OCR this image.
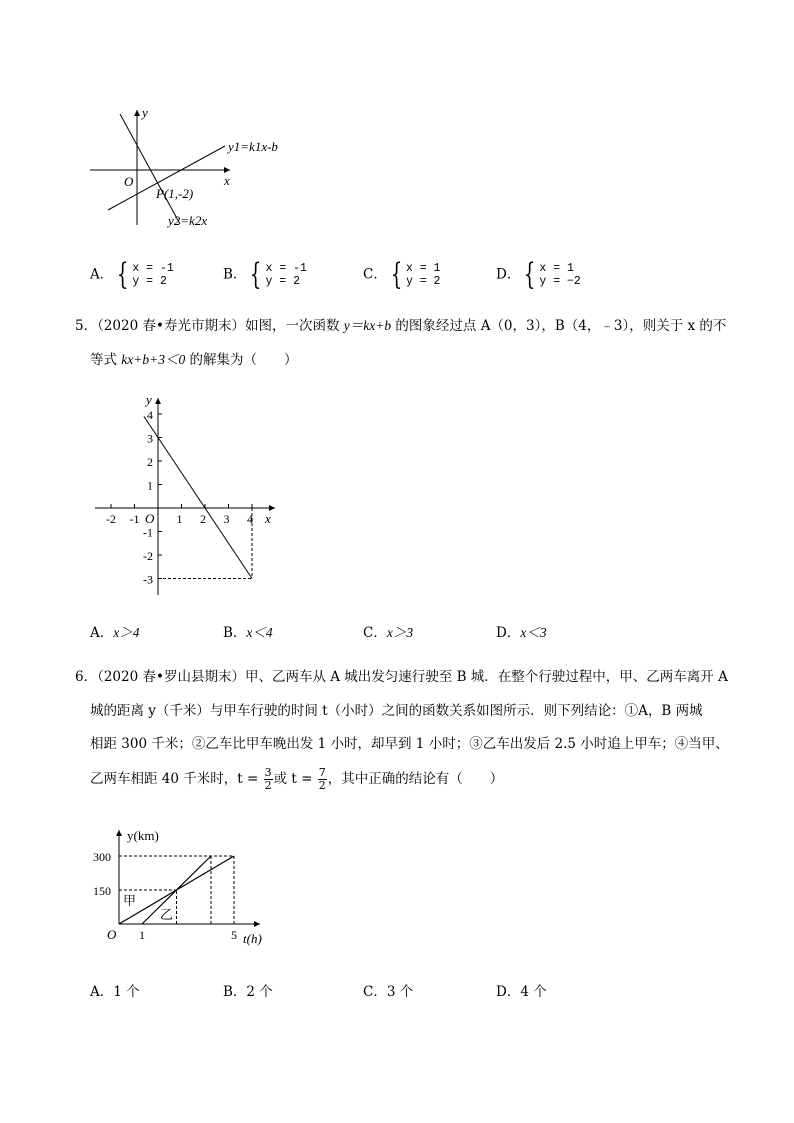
y
x
O
P(1,-2)
y1=k1x-b
y2=k2x
A． { x = -1
y = 2	B． { x = -1
y = 2	C． { x = 1
y = 2	D． { x = 1
y = −2
5．（2020 春•寿光市期末）如图，一次函数 y＝kx+b 的图象经过点 A（0，3），B（4，﹣3），则关于 x 的不
等式 kx+b+3＜0 的解集为（　　）
-2 -1	1 2 3 4
4
3
2
1
-1
-2
-3
y
x
O
A．x＞4	B．x＜4	C．x＞3	D．x＜3
6．（2020 春•罗山县期末）甲、乙两车从 A 城出发匀速行驶至 B 城．在整个行驶过程中，甲、乙两车离开 A
城的距离 y（千米）与甲车行驶的时间 t（小时）之间的函数关系如图所示．则下列结论：①A，B 两城
相距 300 千米；②乙车比甲车晚出发 1 小时，却早到 1 小时；③乙车出发后 2.5 小时追上甲车；④当甲、
乙两车相距 40 千米时，$t = \frac{3}{2}$ 或 $t = \frac{7}{2}$ ，其中正确的结论有（　　）
300
150
1	5
y(km)
t(h)
O
甲
乙
A．1 个	B．2 个	C．3 个	D．4 个
